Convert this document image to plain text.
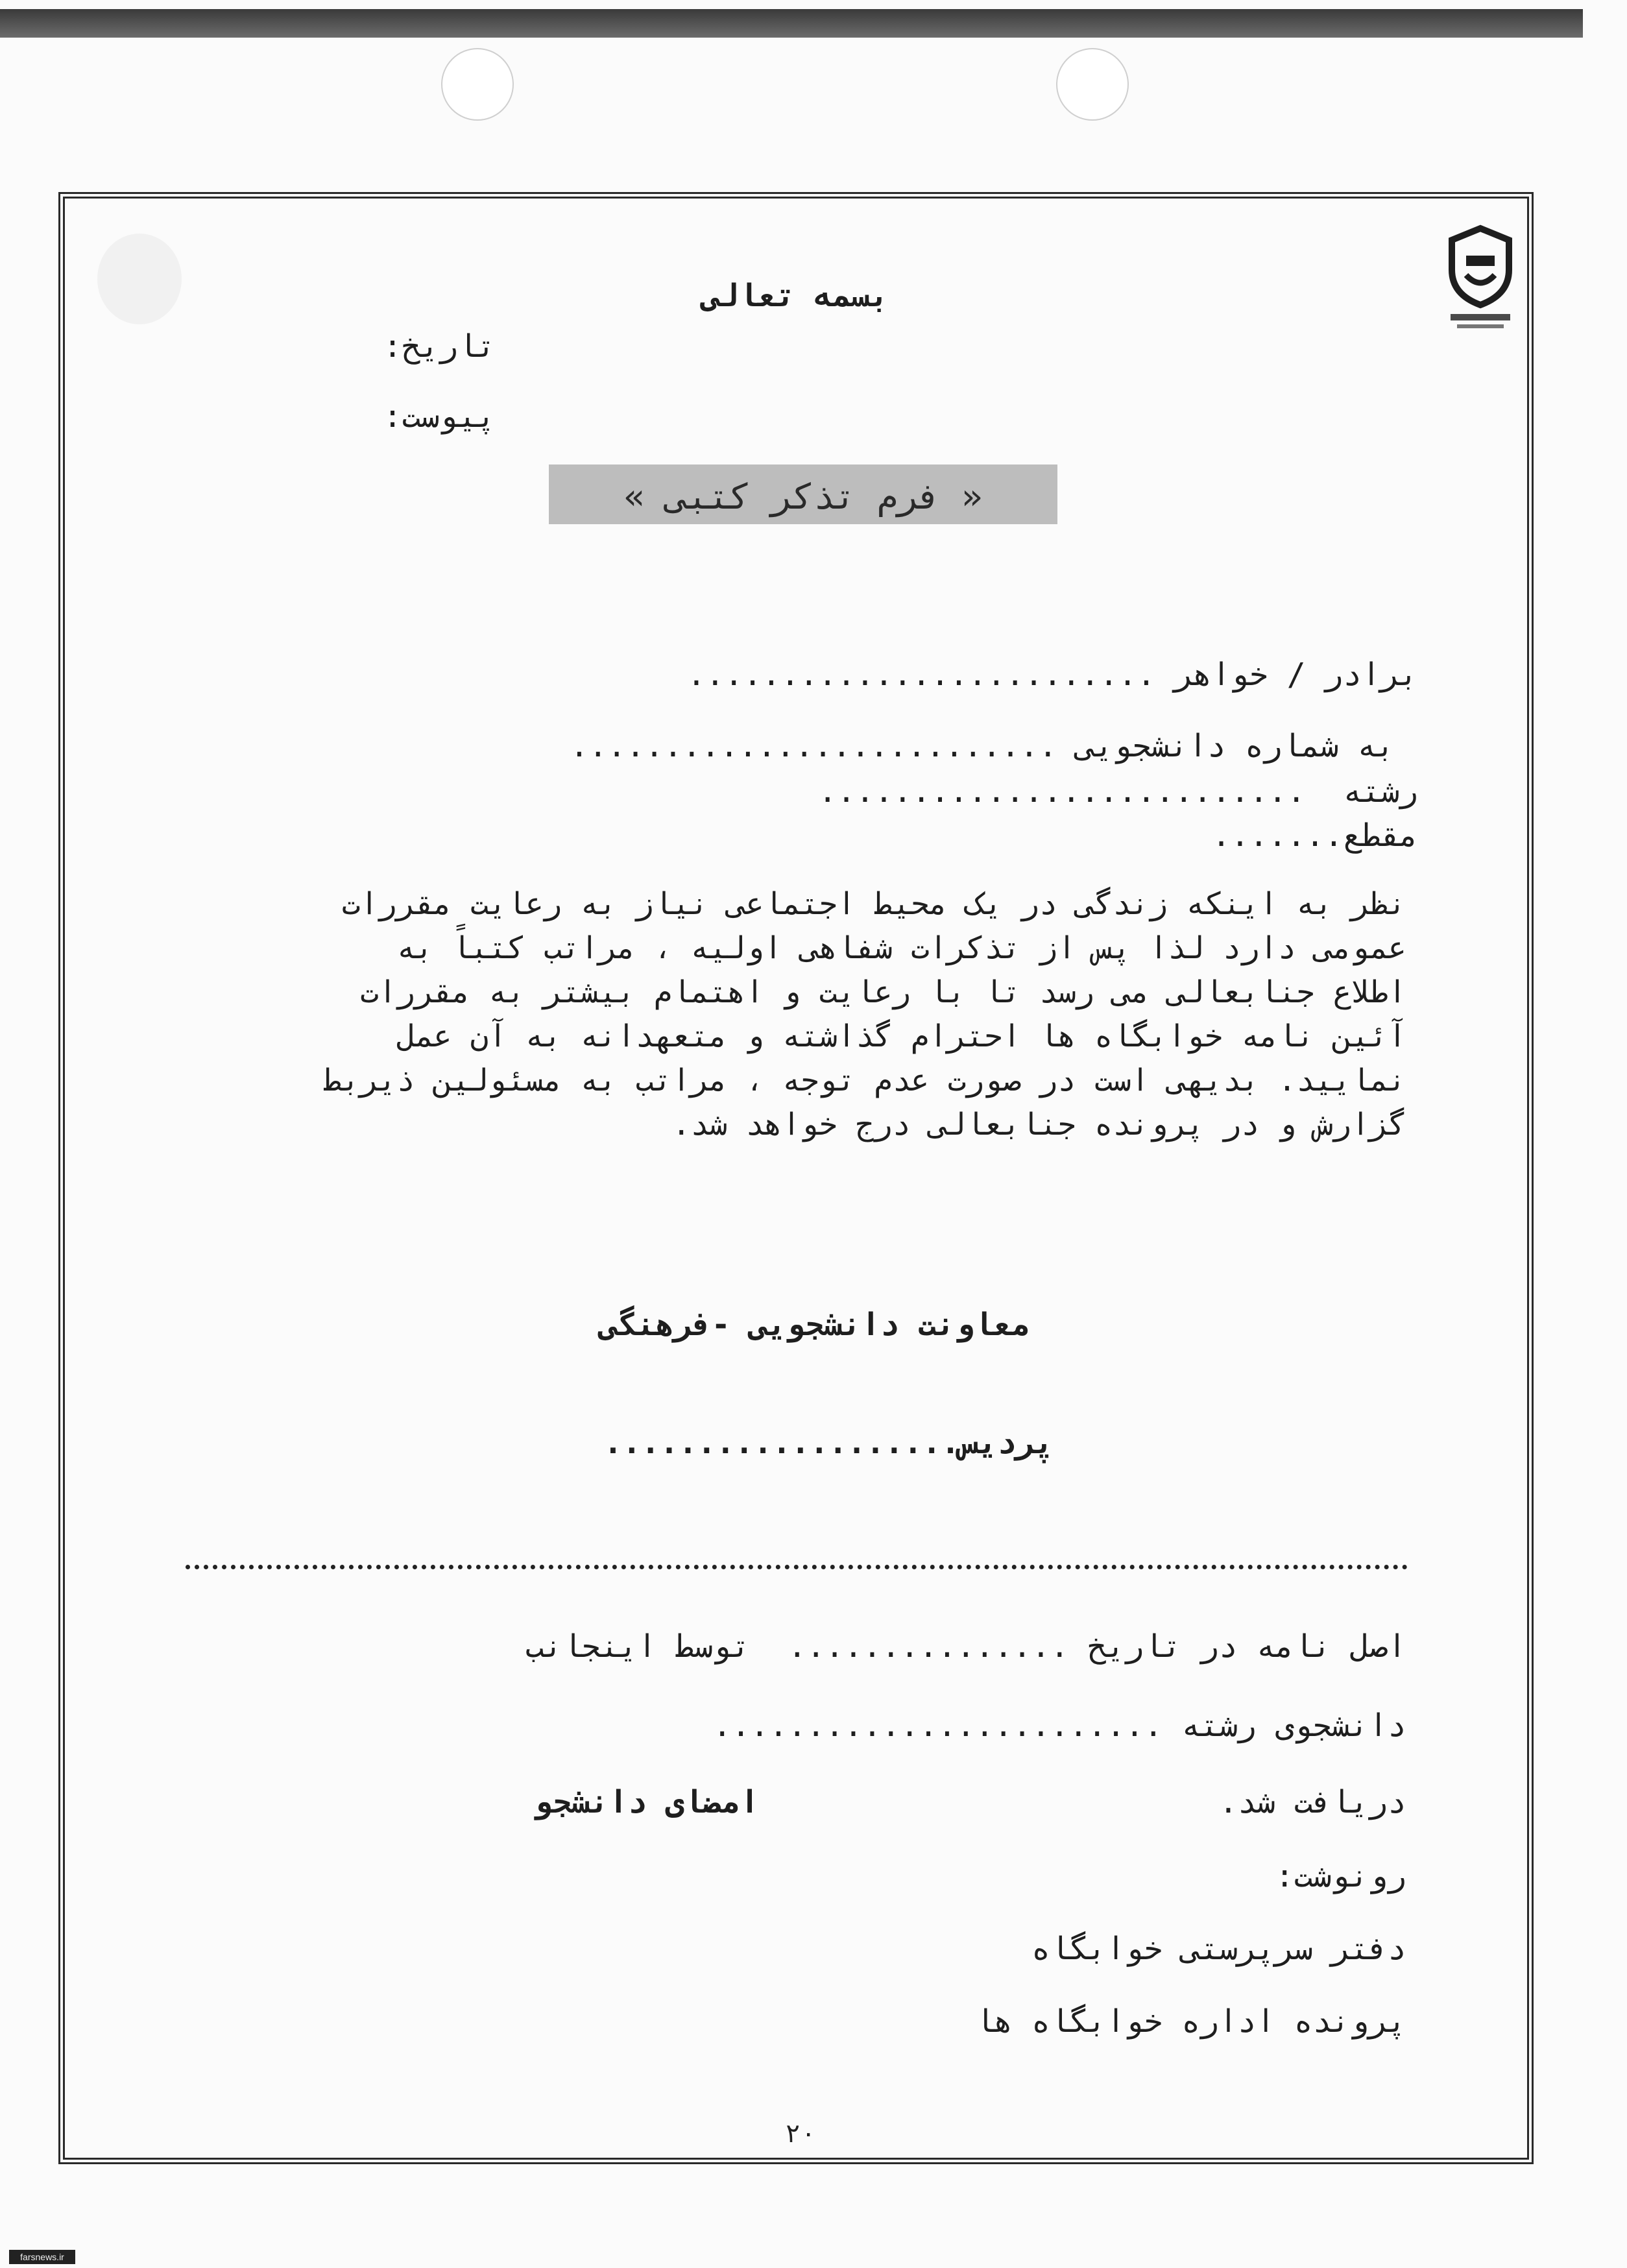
بسمه تعالی
تاریخ:
پیوست:
« فرم تذکر کتبی »
برادر / خواهر .........................
به شماره دانشجویی ..........................
رشته  ..........................
مقطع.......
نظر به اینکه زندگی در یک محیط اجتماعی نیاز به رعایت مقررات
عمومی دارد لذا پس از تذکرات شفاهی اولیه ، مراتب کتباً به
اطلاع جنابعالی می رسد تا با رعایت و اهتمام بیشتر به مقررات
آئین نامه خوابگاه ها احترام گذاشته و متعهدانه به آن عمل
نمایید. بدیهی است در صورت عدم توجه ، مراتب به مسئولین ذیربط
گزارش و در پرونده جنابعالی درج خواهد شد.
معاونت دانشجویی -فرهنگی
پردیس...................
اصل نامه در تاریخ ...............  توسط اینجانب
دانشجوی رشته ........................
دریافت شد.
امضای دانشجو
رونوشت:
دفتر سرپرستی خوابگاه
پرونده اداره خوابگاه ها
۲۰
farsnews.ir
